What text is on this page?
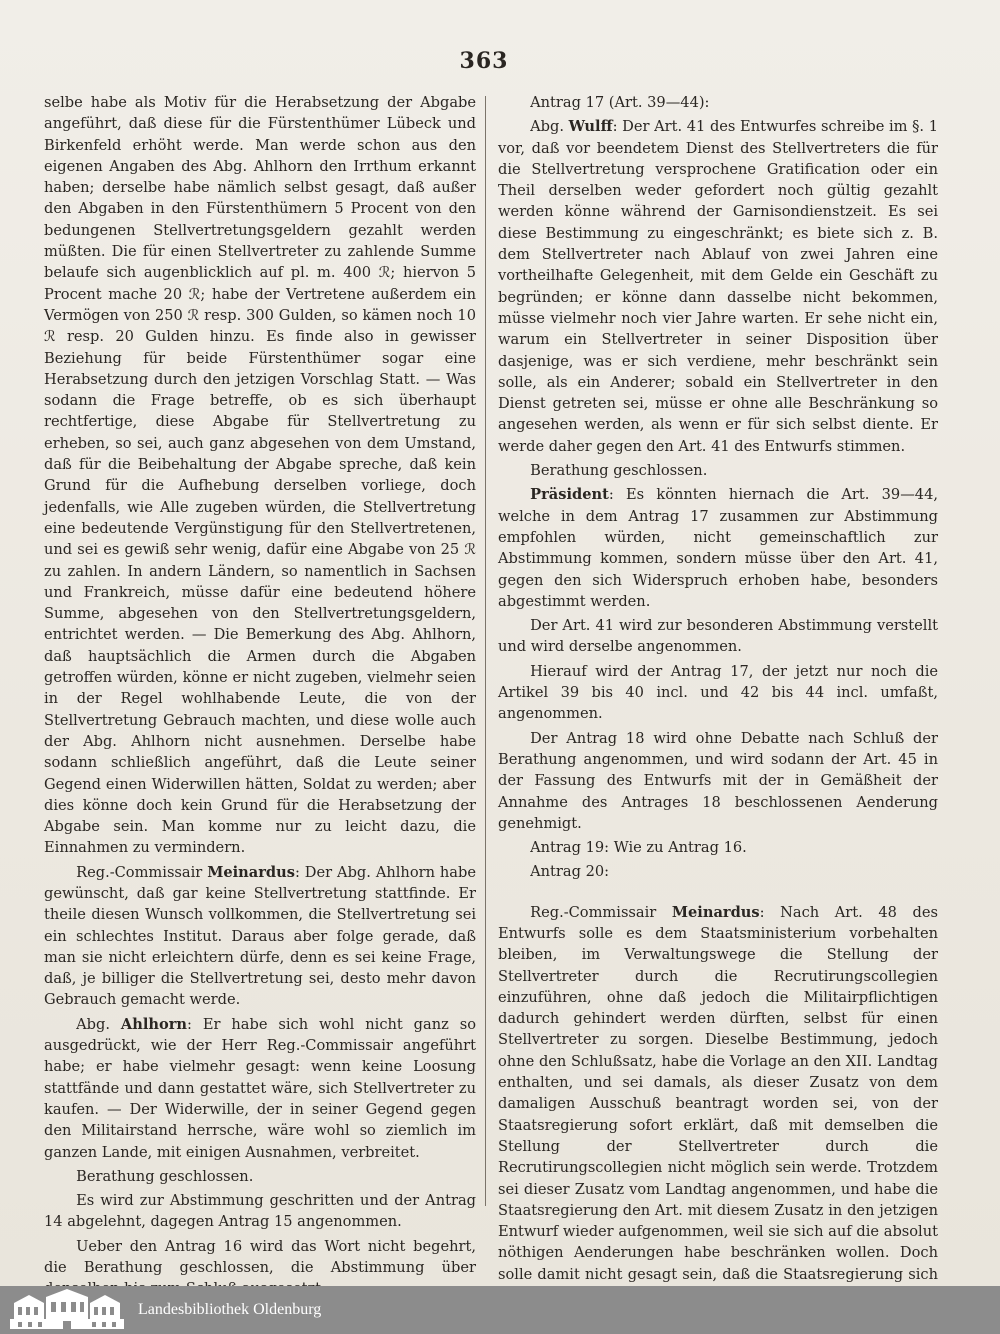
363

selbe habe als Motiv für die Herabsetzung der Abgabe angeführt, daß diese für die Fürstenthümer Lübeck und Birkenfeld erhöht werde. Man werde schon aus den eigenen Angaben des Abg. Ahlhorn den Irrthum erkannt haben; derselbe habe nämlich selbst gesagt, daß außer den Abgaben in den Fürstenthümern 5 Procent von den bedungenen Stellvertretungsgeldern gezahlt werden müßten. Die für einen Stellvertreter zu zahlende Summe belaufe sich augenblicklich auf pl. m. 400 ℛ; hiervon 5 Procent mache 20 ℛ; habe der Vertretene außerdem ein Vermögen von 250 ℛ resp. 300 Gulden, so kämen noch 10 ℛ resp. 20 Gulden hinzu. Es finde also in gewisser Beziehung für beide Fürstenthümer sogar eine Herabsetzung durch den jetzigen Vorschlag Statt. — Was sodann die Frage betreffe, ob es sich überhaupt rechtfertige, diese Abgabe für Stellvertretung zu erheben, so sei, auch ganz abgesehen von dem Umstand, daß für die Beibehaltung der Abgabe spreche, daß kein Grund für die Aufhebung derselben vorliege, doch jedenfalls, wie Alle zugeben würden, die Stellvertretung eine bedeutende Vergünstigung für den Stellvertretenen, und sei es gewiß sehr wenig, dafür eine Abgabe von 25 ℛ zu zahlen. In andern Ländern, so namentlich in Sachsen und Frankreich, müsse dafür eine bedeutend höhere Summe, abgesehen von den Stellvertretungsgeldern, entrichtet werden. — Die Bemerkung des Abg. Ahlhorn, daß hauptsächlich die Armen durch die Abgaben getroffen würden, könne er nicht zugeben, vielmehr seien in der Regel wohlhabende Leute, die von der Stellvertretung Gebrauch machten, und diese wolle auch der Abg. Ahlhorn nicht ausnehmen. Derselbe habe sodann schließlich angeführt, daß die Leute seiner Gegend einen Widerwillen hätten, Soldat zu werden; aber dies könne doch kein Grund für die Herabsetzung der Abgabe sein. Man komme nur zu leicht dazu, die Einnahmen zu vermindern.

Reg.-Commissair Meinardus: Der Abg. Ahlhorn habe gewünscht, daß gar keine Stellvertretung stattfinde. Er theile diesen Wunsch vollkommen, die Stellvertretung sei ein schlechtes Institut. Daraus aber folge gerade, daß man sie nicht erleichtern dürfe, denn es sei keine Frage, daß, je billiger die Stellvertretung sei, desto mehr davon Gebrauch gemacht werde.

Abg. Ahlhorn: Er habe sich wohl nicht ganz so ausgedrückt, wie der Herr Reg.-Commissair angeführt habe; er habe vielmehr gesagt: wenn keine Loosung stattfände und dann gestattet wäre, sich Stellvertreter zu kaufen. — Der Widerwille, der in seiner Gegend gegen den Militairstand herrsche, wäre wohl so ziemlich im ganzen Lande, mit einigen Ausnahmen, verbreitet.

Berathung geschlossen.

Es wird zur Abstimmung geschritten und der Antrag 14 abgelehnt, dagegen Antrag 15 angenommen.

Ueber den Antrag 16 wird das Wort nicht begehrt, die Berathung geschlossen, die Abstimmung über

Antrag 17 (Art. 39—44):

Abg. Wulff: Der Art. 41 des Entwurfes schreibe im §. 1 vor, daß vor beendetem Dienst des Stellvertreters die für die Stellvertretung versprochene Gratification oder ein Theil derselben weder gefordert noch gültig gezahlt werden könne während der Garnisondienstzeit. Es sei diese Bestimmung zu eingeschränkt; es biete sich z. B. dem Stellvertreter nach Ablauf von zwei Jahren eine vortheilhafte Gelegenheit, mit dem Gelde ein Geschäft zu begründen; er könne dann dasselbe nicht bekommen, müsse vielmehr noch vier Jahre warten. Er sehe nicht ein, warum ein Stellvertreter in seiner Disposition über dasjenige, was er sich verdiene, mehr beschränkt sein solle, als ein Anderer; sobald ein Stellvertreter in den Dienst getreten sei, müsse er ohne alle Beschränkung so angesehen werden, als wenn er für sich selbst diente. Er werde daher gegen den Art. 41 des Entwurfs stimmen.

Berathung geschlossen.

Präsident: Es könnten hiernach die Art. 39—44, welche in dem Antrag 17 zusammen zur Abstimmung empfohlen würden, nicht gemeinschaftlich zur Abstimmung kommen, sondern müsse über den Art. 41, gegen den sich Widerspruch erhoben habe, besonders abgestimmt werden.

Der Art. 41 wird zur besonderen Abstimmung verstellt und wird derselbe angenommen.

Hierauf wird der Antrag 17, der jetzt nur noch die Artikel 39 bis 40 incl. und 42 bis 44 incl. umfaßt, angenommen.

Der Antrag 18 wird ohne Debatte nach Schluß der Berathung angenommen, und wird sodann der Art. 45 in der Fassung des Entwurfs mit der in Gemäßheit der Annahme des Antrages 18 beschlossenen Aenderung genehmigt.

Antrag 19: Wie zu Antrag 16.

Antrag 20:

Reg.-Commissair Meinardus: Nach Art. 48 des Entwurfs solle es dem Staatsministerium vorbehalten bleiben, im Verwaltungswege die Stellung der Stellvertreter durch die Recrutirungscollegien einzuführen, ohne daß jedoch die Militairpflichtigen dadurch gehindert werden dürften, selbst für einen Stellvertreter zu sorgen. Dieselbe Bestimmung, jedoch ohne den Schlußsatz, habe die Vorlage an den XII. Landtag enthalten, und sei damals, als dieser Zusatz von dem damaligen Ausschuß beantragt worden sei, von der Staatsregierung sofort erklärt, daß mit demselben die Stellung der Stellvertreter durch die Recrutirungscollegien nicht möglich sein werde. Trotzdem sei dieser Zusatz vom Landtag angenommen, und habe die Staatsregierung den Art. mit diesem Zusatz in den jetzigen Entwurf wieder aufgenommen, weil sie sich auf die absolut nöthigen Aenderungen habe beschränken wollen. Doch solle damit nicht gesagt sein, daß die Staatsregierung sich

Landesbibliothek Oldenburg
